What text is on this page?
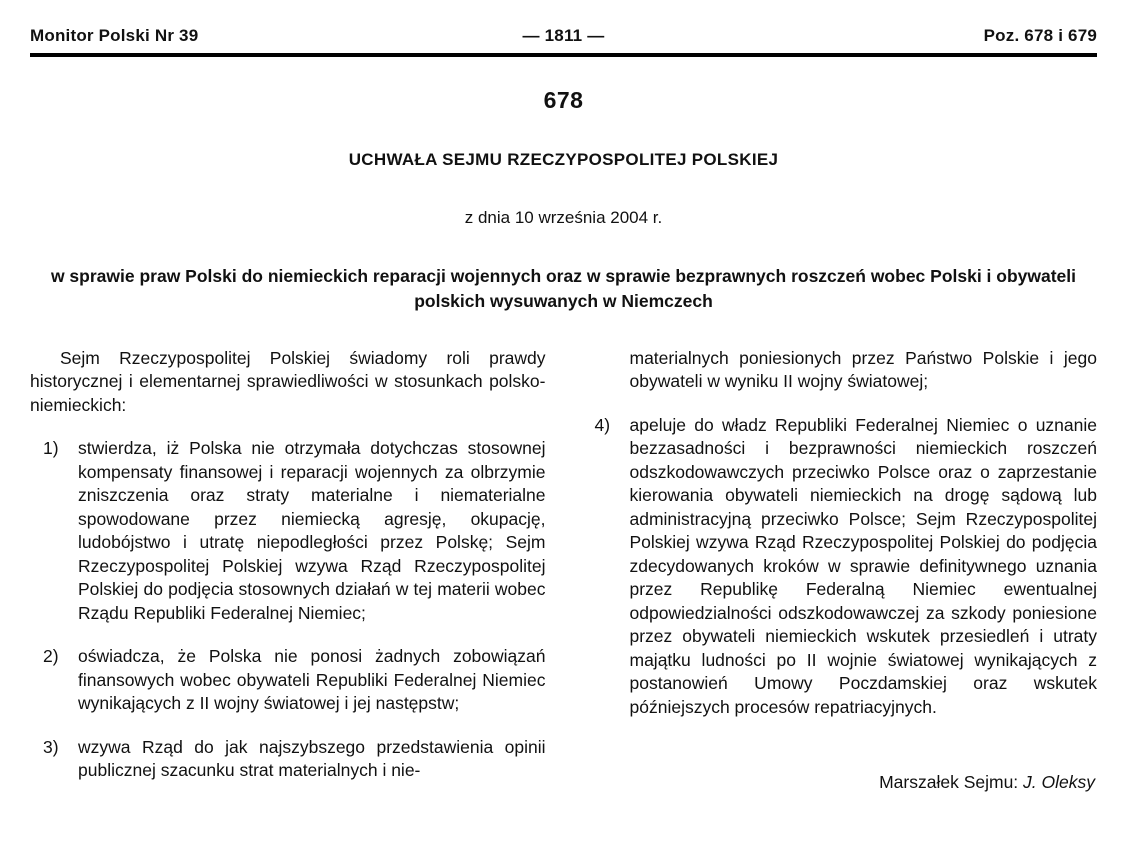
Monitor Polski Nr 39	— 1811 —	Poz. 678 i 679
678
UCHWAŁA SEJMU RZECZYPOSPOLITEJ POLSKIEJ
z dnia 10 września 2004 r.
w sprawie praw Polski do niemieckich reparacji wojennych oraz w sprawie bezprawnych roszczeń wobec Polski i obywateli polskich wysuwanych w Niemczech

Sejm Rzeczypospolitej Polskiej świadomy roli prawdy historycznej i elementarnej sprawiedliwości w stosunkach polsko-niemieckich:

1) stwierdza, iż Polska nie otrzymała dotychczas stosownej kompensaty finansowej i reparacji wojennych za olbrzymie zniszczenia oraz straty materialne i niematerialne spowodowane przez niemiecką agresję, okupację, ludobójstwo i utratę niepodległości przez Polskę; Sejm Rzeczypospolitej Polskiej wzywa Rząd Rzeczypospolitej Polskiej do podjęcia stosownych działań w tej materii wobec Rządu Republiki Federalnej Niemiec;
2) oświadcza, że Polska nie ponosi żadnych zobowiązań finansowych wobec obywateli Republiki Federalnej Niemiec wynikających z II wojny światowej i jej następstw;
3) wzywa Rząd do jak najszybszego przedstawienia opinii publicznej szacunku strat materialnych i nie-
materialnych poniesionych przez Państwo Polskie i jego obywateli w wyniku II wojny światowej;
4) apeluje do władz Republiki Federalnej Niemiec o uznanie bezzasadności i bezprawności niemieckich roszczeń odszkodowawczych przeciwko Polsce oraz o zaprzestanie kierowania obywateli niemieckich na drogę sądową lub administracyjną przeciwko Polsce; Sejm Rzeczypospolitej Polskiej wzywa Rząd Rzeczypospolitej Polskiej do podjęcia zdecydowanych kroków w sprawie definitywnego uznania przez Republikę Federalną Niemiec ewentualnej odpowiedzialności odszkodowawczej za szkody poniesione przez obywateli niemieckich wskutek przesiedleń i utraty majątku ludności po II wojnie światowej wynikających z postanowień Umowy Poczdamskiej oraz wskutek późniejszych procesów repatriacyjnych.
Marszałek Sejmu: J. Oleksy
